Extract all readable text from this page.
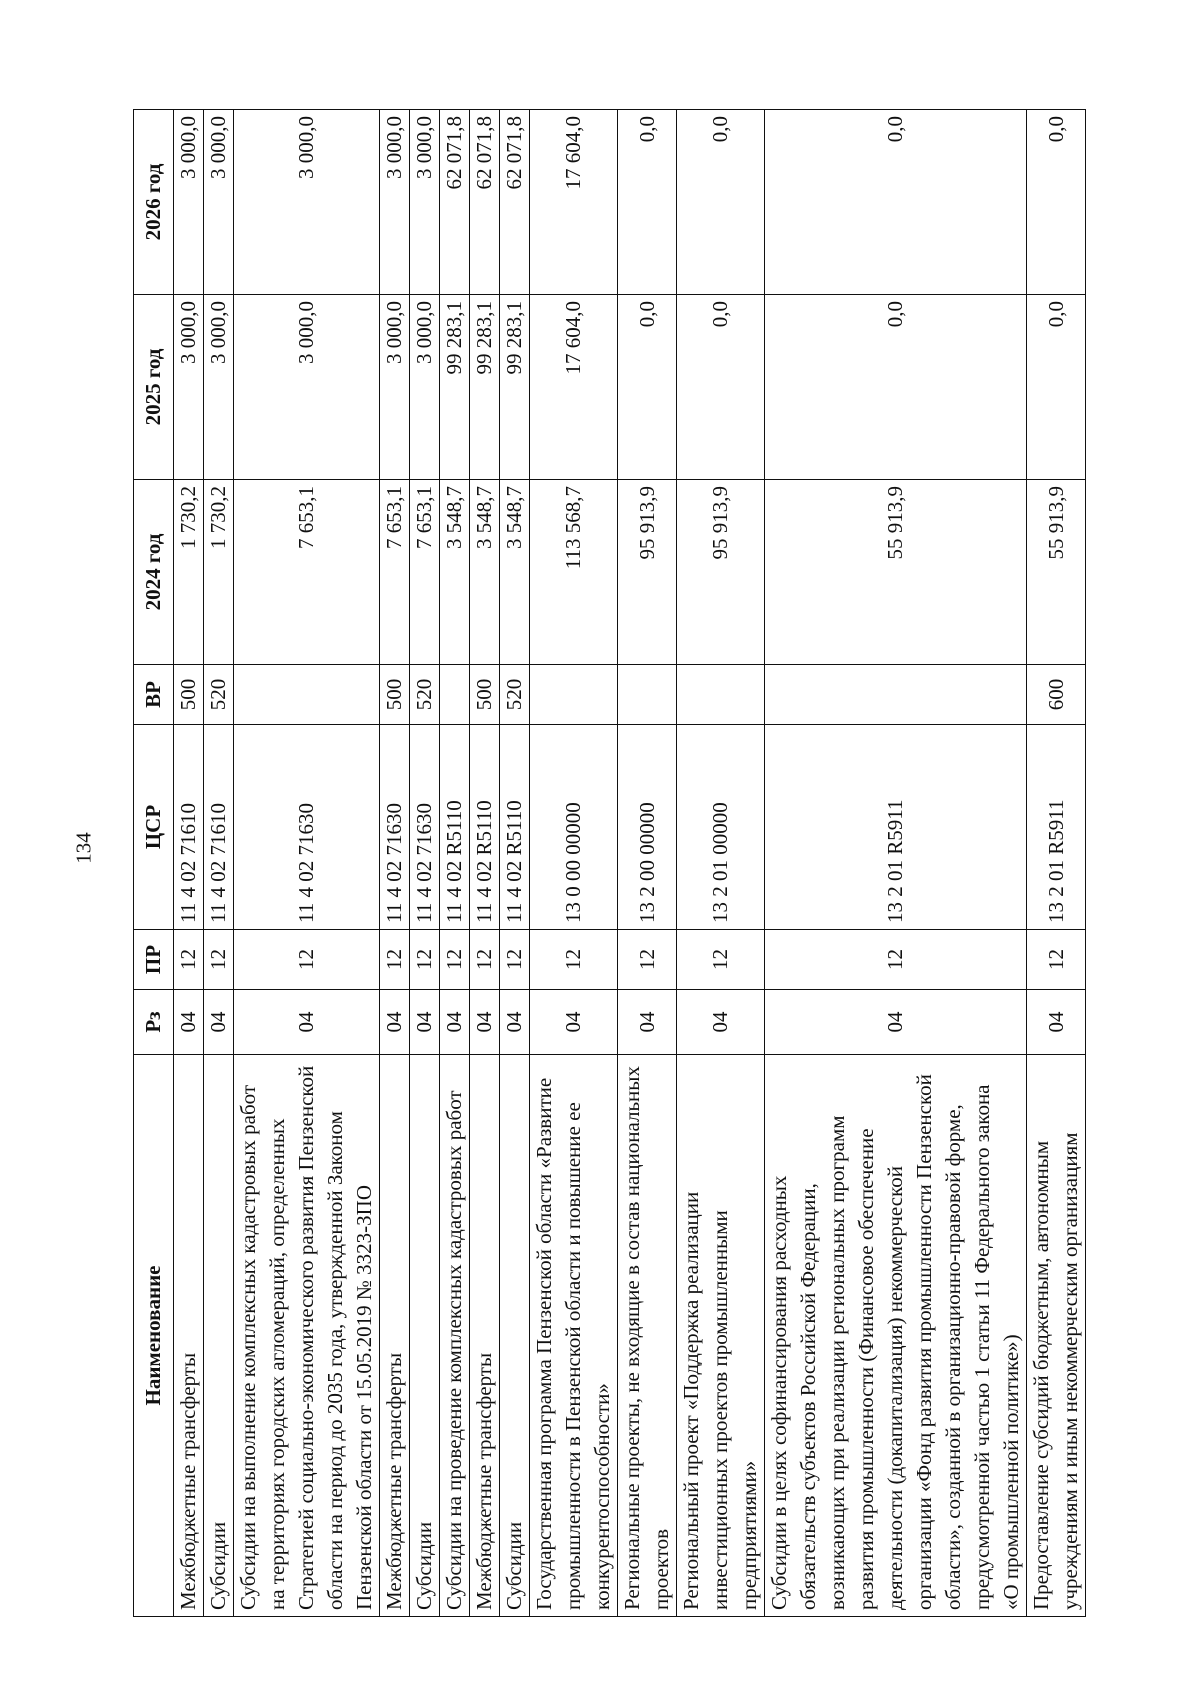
134
Наименование	Рз	ПР	ЦСР	ВР	2024 год	2025 год	2026 год
Межбюджетные трансферты	04	12	11 4 02 71610	500	1 730,2	3 000,0	3 000,0
Субсидии	04	12	11 4 02 71610	520	1 730,2	3 000,0	3 000,0
Субсидии на выполнение комплексных кадастровых работ на территориях городских агломераций, определенных Стратегией социально-экономического развития Пензенской области на период до 2035 года, утвержденной Законом Пензенской области от 15.05.2019 № 3323-ЗПО	04	12	11 4 02 71630		7 653,1	3 000,0	3 000,0
Межбюджетные трансферты	04	12	11 4 02 71630	500	7 653,1	3 000,0	3 000,0
Субсидии	04	12	11 4 02 71630	520	7 653,1	3 000,0	3 000,0
Субсидии на проведение комплексных кадастровых работ	04	12	11 4 02 R5110		3 548,7	99 283,1	62 071,8
Межбюджетные трансферты	04	12	11 4 02 R5110	500	3 548,7	99 283,1	62 071,8
Субсидии	04	12	11 4 02 R5110	520	3 548,7	99 283,1	62 071,8
Государственная программа Пензенской области «Развитие промышленности в Пензенской области и повышение ее конкурентоспособности»	04	12	13 0 00 00000		113 568,7	17 604,0	17 604,0
Региональные проекты, не входящие в состав национальных проектов	04	12	13 2 00 00000		95 913,9	0,0	0,0
Региональный проект «Поддержка реализации инвестиционных проектов промышленными предприятиями»	04	12	13 2 01 00000		95 913,9	0,0	0,0
Субсидии в целях софинансирования расходных обязательств субъектов Российской Федерации, возникающих при реализации региональных программ развития промышленности (Финансовое обеспечение деятельности (докапитализация) некоммерческой организации «Фонд развития промышленности Пензенской области», созданной в организационно-правовой форме, предусмотренной частью 1 статьи 11 Федерального закона «О промышленной политике»)	04	12	13 2 01 R5911		55 913,9	0,0	0,0
Предоставление субсидий бюджетным, автономным учреждениям и иным некоммерческим организациям	04	12	13 2 01 R5911	600	55 913,9	0,0	0,0
